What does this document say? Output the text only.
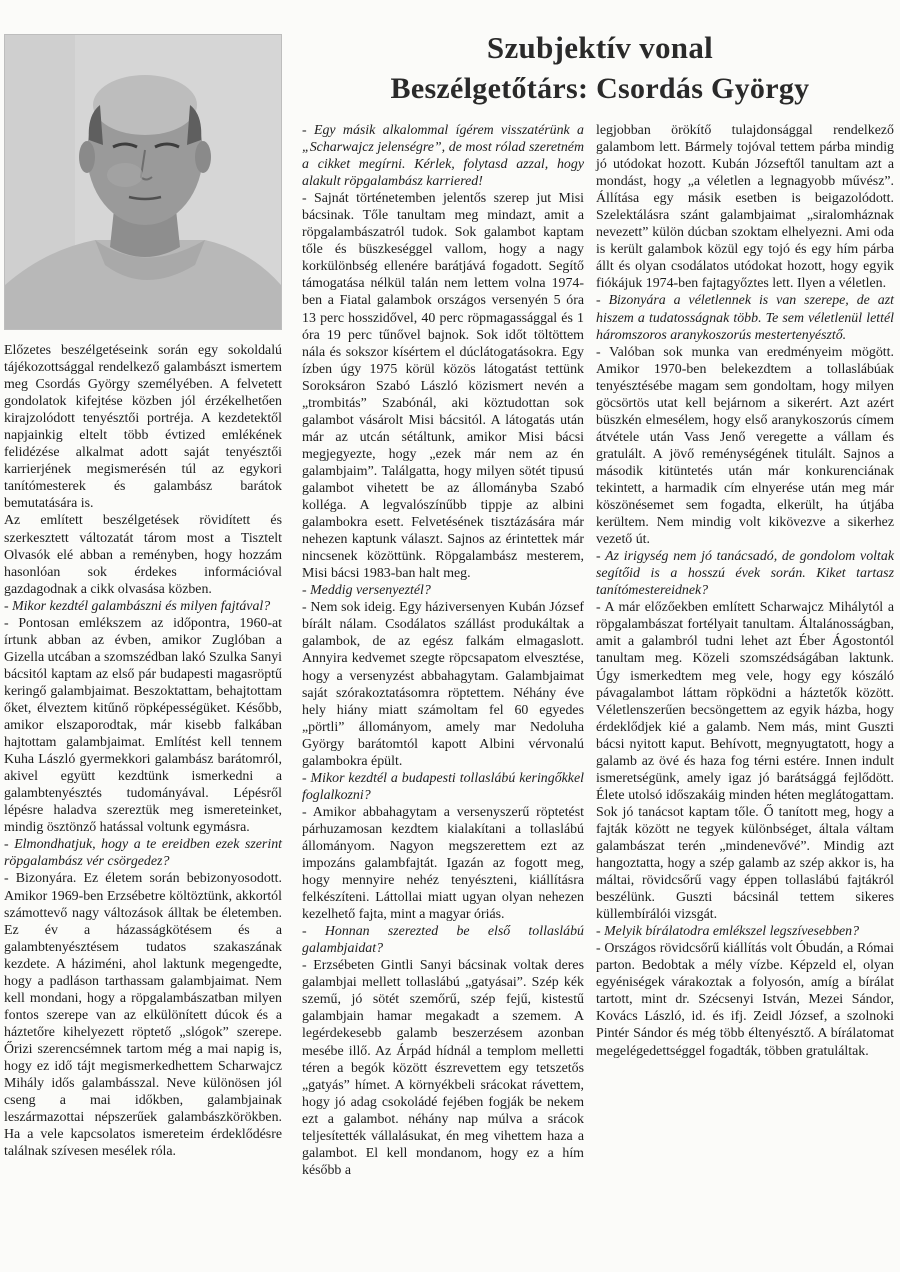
Szubjektív vonal
Beszélgetőtárs: Csordás György

Előzetes beszélgetéseink során egy sokoldalú tájékozottsággal rendelkező galambászt ismertem meg Csordás György személyében. A felvetett gondolatok kifejtése közben jól érzékelhetően kirajzolódott tenyésztői portréja. A kezdetektől napjainkig eltelt több évtized emlékének felidézése alkalmat adott saját tenyésztői karrierjének megismerésén túl az egykori tanítómesterek és galambász barátok bemutatására is.

Az említett beszélgetések rövidített és szerkesztett változatát tárom most a Tisztelt Olvasók elé abban a reményben, hogy hozzám hasonlóan sok érdekes információval gazdagodnak a cikk olvasása közben.

- Mikor kezdtél galambászni és milyen fajtával?

- Pontosan emlékszem az időpontra, 1960-at írtunk abban az évben, amikor Zuglóban a Gizella utcában a szomszédban lakó Szulka Sanyi bácsitól kaptam az első pár budapesti magasröptű keringő galambjaimat. Beszoktattam, behajtottam őket, élveztem kitűnő röpképességüket. Később, amikor elszaporodtak, már kisebb falkában hajtottam galambjaimat. Említést kell tennem Kuha László gyermekkori galambász barátomról, akivel együtt kezdtünk ismerkedni a galambtenyésztés tudományával. Lépésről lépésre haladva szereztük meg ismereteinket, mindig ösztönző hatással voltunk egymásra.

- Elmondhatjuk, hogy a te ereidben ezek szerint röpgalambász vér csörgedez?

- Bizonyára. Ez életem során bebizonyosodott. Amikor 1969-ben Erzsébetre költöztünk, akkortól számottevő nagy változások álltak be életemben. Ez év a házasságkötésem és a galambtenyésztésem tudatos szakaszának kezdete. A háziméni, ahol laktunk megengedte, hogy a padláson tarthassam galambjaimat. Nem kell mondani, hogy a röpgalambászatban milyen fontos szerepe van az elkülönített dúcok és a háztetőre kihelyezett röptető „slógok” szerepe. Őrizi szerencsémnek tartom még a mai napig is, hogy ez idő tájt megismerkedhettem Scharwajcz Mihály idős galambásszal. Neve különösen jól cseng a mai időkben, galambjainak leszármazottai népszerűek galambászkörökben. Ha a vele kapcsolatos ismereteim érdeklődésre találnak szívesen mesélek róla.

- Egy másik alkalommal ígérem visszatérünk a „Scharwajcz jelenségre”, de most rólad szeretném a cikket megírni. Kérlek, folytasd azzal, hogy alakult röpgalambász karriered!

- Sajnát történetemben jelentős szerep jut Misi bácsinak. Tőle tanultam meg mindazt, amit a röpgalambászatról tudok. Sok galambot kaptam tőle és büszkeséggel vallom, hogy a nagy korkülönbség ellenére barátjává fogadott. Segítő támogatása nélkül talán nem lettem volna 1974-ben a Fiatal galambok országos versenyén 5 óra 13 perc hosszidővel, 40 perc röpmagassággal és 1 óra 19 perc tűnővel bajnok. Sok időt töltöttem nála és sokszor kísértem el dúclátogatásokra. Egy ízben úgy 1975 körül közös látogatást tettünk Soroksáron Szabó László közismert nevén a „trombitás” Szabónál, aki köztudottan sok galambot vásárolt Misi bácsitól. A látogatás után már az utcán sétáltunk, amikor Misi bácsi megjegyezte, hogy „ezek már nem az én galambjaim”. Találgatta, hogy milyen sötét tipusú galambot vihetett be az állományba Szabó kolléga. A legvalószínűbb tippje az albini galambokra esett. Felvetésének tisztázására már nehezen kaptunk választ. Sajnos az érintettek már nincsenek közöttünk. Röpgalambász mesterem, Misi bácsi 1983-ban halt meg.

- Meddig versenyeztél?

- Nem sok ideig. Egy háziversenyen Kubán József bírált nálam. Csodálatos szállást produkáltak a galambok, de az egész falkám elmagaslott. Annyira kedvemet szegte röpcsapatom elvesztése, hogy a versenyzést abbahagytam. Galambjaimat saját szórakoztatásomra röptettem. Néhány éve hely hiány miatt számoltam fel 60 egyedes „pörtli” állományom, amely mar Nedoluha György barátomtól kapott Albini vérvonalú galambokra épült.

- Mikor kezdtél a budapesti tollaslábú keringőkkel foglalkozni?

- Amikor abbahagytam a versenyszerű röptetést párhuzamosan kezdtem kialakítani a tollaslábú állományom. Nagyon megszerettem ezt az impozáns galambfajtát. Igazán az fogott meg, hogy mennyire nehéz tenyészteni, kiállításra felkészíteni. Láttollai miatt ugyan olyan nehezen kezelhető fajta, mint a magyar óriás.

- Honnan szerezted be első tollaslábú galambjaidat?

- Erzsébeten Gintli Sanyi bácsinak voltak deres galambjai mellett tollaslábú „gatyásai”. Szép kék szemű, jó sötét szemőrű, szép fejű, kistestű galambjain hamar megakadt a szemem. A legérdekesebb galamb beszerzésem azonban mesébe illő. Az Árpád hídnál a templom melletti téren a begók között észrevettem egy tetszetős „gatyás” hímet. A környékbeli srácokat rávettem, hogy jó adag csokoládé fejében fogják be nekem ezt a galambot. néhány nap múlva a srácok teljesítették vállalásukat, én meg vihettem haza a galambot. El kell mondanom, hogy ez a hím később a

legjobban örökítő tulajdonsággal rendelkező galambom lett. Bármely tojóval tettem párba mindig jó utódokat hozott. Kubán Józseftől tanultam azt a mondást, hogy „a véletlen a legnagyobb művész”. Állítása egy másik esetben is beigazolódott. Szelektálásra szánt galambjaimat „siralomháznak nevezett” külön dúcban szoktam elhelyezni. Ami oda is került galambok közül egy tojó és egy hím párba állt és olyan csodálatos utódokat hozott, hogy egyik fiókájuk 1974-ben fajtagyőztes lett. Ilyen a véletlen.

- Bizonyára a véletlennek is van szerepe, de azt hiszem a tudatosságnak több. Te sem véletlenül lettél háromszoros aranykoszorús mestertenyésztő.

- Valóban sok munka van eredményeim mögött. Amikor 1970-ben belekezdtem a tollaslábúak tenyésztésébe magam sem gondoltam, hogy milyen göcsörtös utat kell bejárnom a sikerért. Azt azért büszkén elmesélem, hogy első aranykoszorús címem átvétele után Vass Jenő veregette a vállam és gratulált. A jövő reménységének titulált. Sajnos a második kitüntetés után már konkurenciának tekintett, a harmadik cím elnyerése után meg már köszönésemet sem fogadta, elkerült, ha útjába kerültem. Nem mindig volt kikövezve a sikerhez vezető út.

- Az irigység nem jó tanácsadó, de gondolom voltak segítőid is a hosszú évek során. Kiket tartasz tanítómestereidnek?

- A már előzőekben említett Scharwajcz Mihálytól a röpgalambászat fortélyait tanultam. Általánosságban, amit a galambról tudni lehet azt Éber Ágostontól tanultam meg. Közeli szomszédságában laktunk. Úgy ismerkedtem meg vele, hogy egy kószáló pávagalambot láttam röpködni a háztetők között. Véletlenszerűen becsöngettem az egyik házba, hogy érdeklődjek kié a galamb. Nem más, mint Guszti bácsi nyitott kaput. Behívott, megnyugtatott, hogy a galamb az övé és haza fog térni estére. Innen indult ismeretségünk, amely igaz jó barátsággá fejlődött. Élete utolsó időszakáig minden héten meglátogattam. Sok jó tanácsot kaptam tőle. Ő tanított meg, hogy a fajták között ne tegyek különbséget, általa váltam galambászat terén „mindenevővé”. Mindig azt hangoztatta, hogy a szép galamb az szép akkor is, ha máltai, rövidcsőrű vagy éppen tollaslábú fajtákról beszélünk. Guszti bácsinál tettem sikeres küllembírálói vizsgát.

- Melyik bírálatodra emlékszel legszívesebben?

- Országos rövidcsőrű kiállítás volt Óbudán, a Római parton. Bedobtak a mély vízbe. Képzeld el, olyan egyéniségek várakoztak a folyosón, amíg a bírálat tartott, mint dr. Szécsenyi István, Mezei Sándor, Kovács László, id. és ifj. Zeidl József, a szolnoki Pintér Sándor és még több éltenyésztő. A bírálatomat megelégedettséggel fogadták, többen gratuláltak.
